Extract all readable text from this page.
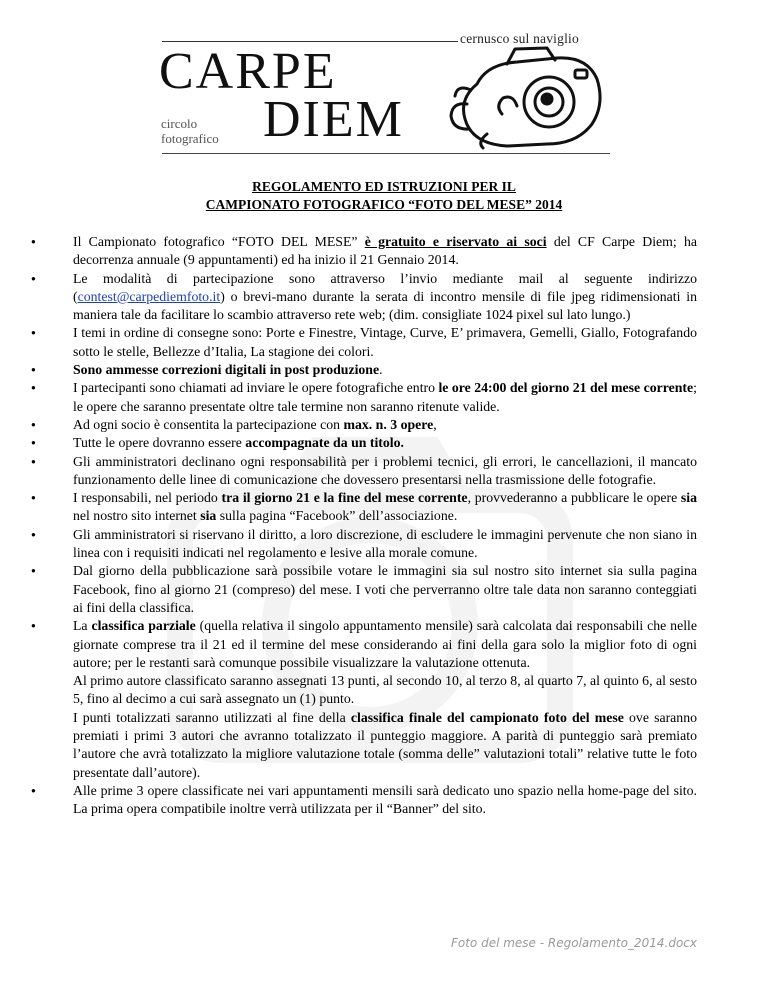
cernusco sul naviglio
CARPE
DIEM
circolo
fotografico
REGOLAMENTO ED ISTRUZIONI PER IL
CAMPIONATO FOTOGRAFICO “FOTO DEL MESE” 2014
● Il Campionato fotografico “FOTO DEL MESE” è gratuito e riservato ai soci del CF Carpe Diem; ha decorrenza annuale (9 appuntamenti) ed ha inizio il 21 Gennaio 2014.
● Le modalità di partecipazione sono attraverso l’invio mediante mail al seguente indirizzo (contest@carpediemfoto.it) o brevi-mano durante la serata di incontro mensile di file jpeg ridimensionati in maniera tale da facilitare lo scambio attraverso rete web; (dim. consigliate 1024 pixel sul lato lungo.)
● I temi in ordine di consegne sono: Porte e Finestre, Vintage, Curve, E’ primavera, Gemelli, Giallo, Fotografando sotto le stelle, Bellezze d’Italia, La stagione dei colori.
● Sono ammesse correzioni digitali in post produzione.
● I partecipanti sono chiamati ad inviare le opere fotografiche entro le ore 24:00 del giorno 21 del mese corrente; le opere che saranno presentate oltre tale termine non saranno ritenute valide.
● Ad ogni socio è consentita la partecipazione con max. n. 3 opere,
● Tutte le opere dovranno essere accompagnate da un titolo.
● Gli amministratori declinano ogni responsabilità per i problemi tecnici, gli errori, le cancellazioni, il mancato funzionamento delle linee di comunicazione che dovessero presentarsi nella trasmissione delle fotografie.
● I responsabili, nel periodo tra il giorno 21 e la fine del mese corrente, provvederanno a pubblicare le opere sia nel nostro sito internet sia sulla pagina “Facebook” dell’associazione.
● Gli amministratori si riservano il diritto, a loro discrezione, di escludere le immagini pervenute che non siano in linea con i requisiti indicati nel regolamento e lesive alla morale comune.
● Dal giorno della pubblicazione sarà possibile votare le immagini sia sul nostro sito internet sia sulla pagina Facebook, fino al giorno 21 (compreso) del mese. I voti che perverranno oltre tale data non saranno conteggiati ai fini della classifica.

● La classifica parziale (quella relativa il singolo appuntamento mensile) sarà calcolata dai responsabili che nelle giornate comprese tra il 21 ed il termine del mese considerando ai fini della gara solo la miglior foto di ogni autore; per le restanti sarà comunque possibile visualizzare la valutazione ottenuta.

Al primo autore classificato saranno assegnati 13 punti, al secondo 10, al terzo 8, al quarto 7, al quinto 6, al sesto 5, fino al decimo a cui sarà assegnato un (1) punto.

I punti totalizzati saranno utilizzati al fine della classifica finale del campionato foto del mese ove saranno premiati i primi 3 autori che avranno totalizzato il punteggio maggiore. A parità di punteggio sarà premiato l’autore che avrà totalizzato la migliore valutazione totale (somma delle” valutazioni totali” relative tutte le foto presentate dall’autore).

● Alle prime 3 opere classificate nei vari appuntamenti mensili sarà dedicato uno spazio nella home-page del sito. La prima opera compatibile inoltre verrà utilizzata per il “Banner” del sito.
Foto del mese - Regolamento_2014.docx
